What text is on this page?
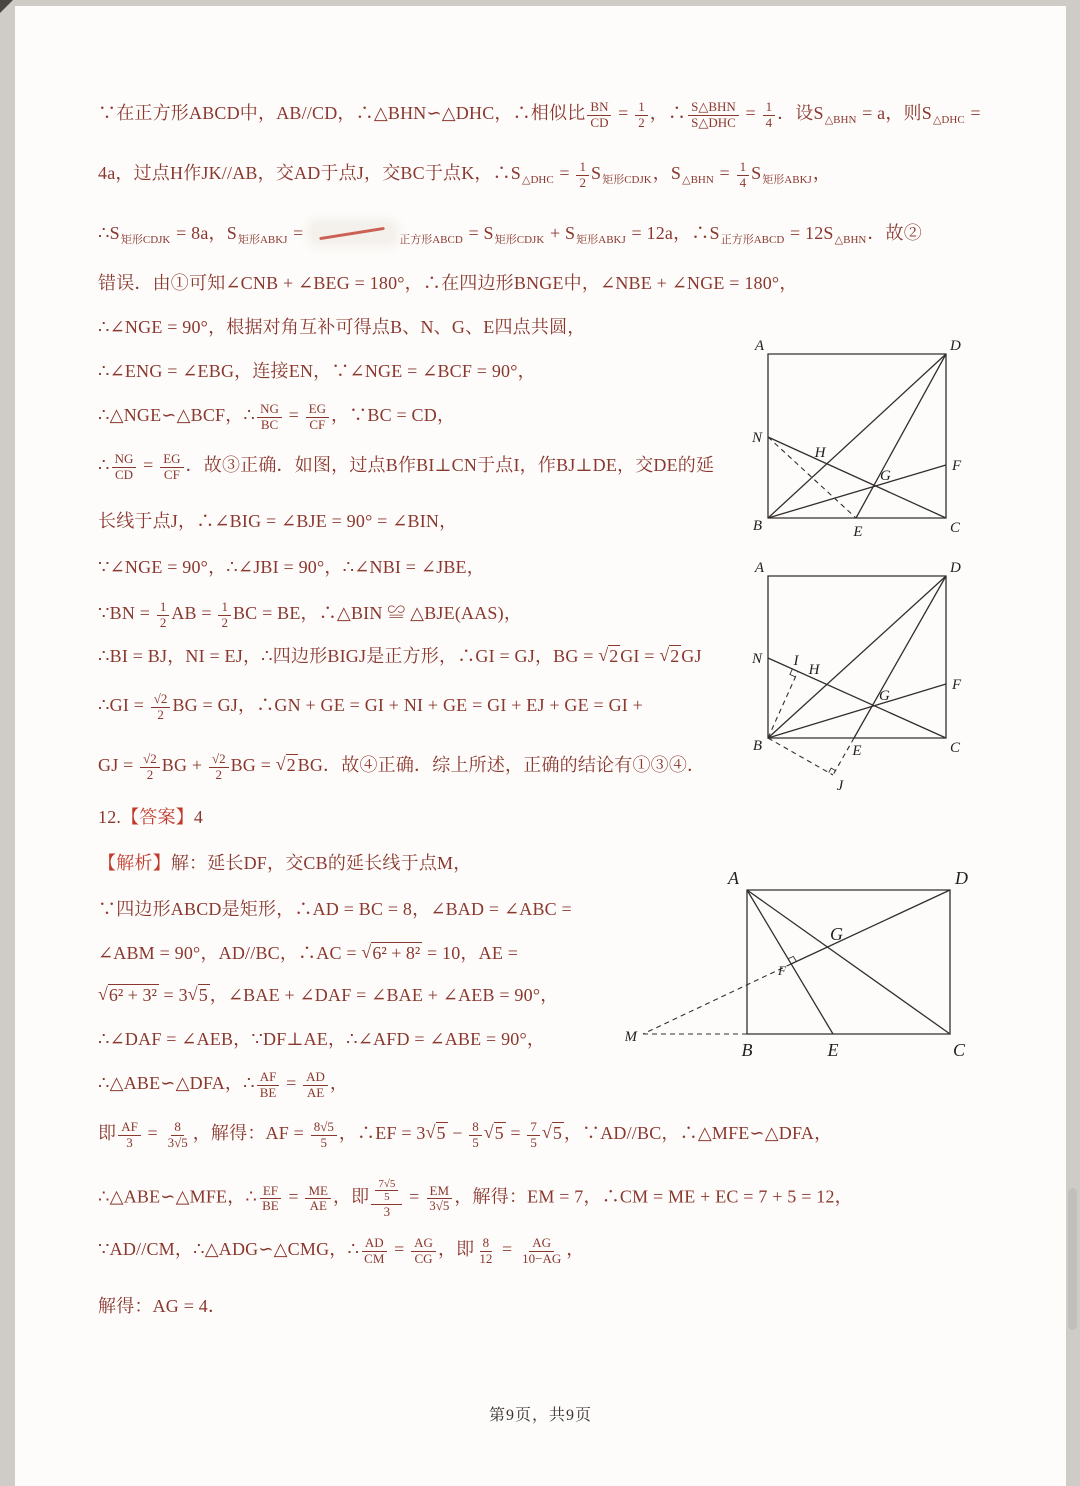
∵在正方形ABCD中，AB//CD，∴△BHN∽△DHC，∴相似比 $\frac{BN}{CD} = \frac{1}{2}$ ，∴ $\frac{\text{S△BHN}}{\text{S△DHC}} = \frac{1}{4}$ ．设$S_{\triangle BHN} = a$，则$S_{\triangle DHC}$ =

4a，过点H作JK//AB，交AD于点J，交BC于点K，$\therefore S_{\triangle DHC} = \frac{1}{2} S_{矩形CDJK}$，$S_{\triangle BHN} = \frac{1}{4} S_{矩形ABKJ}$，

$\therefore S_{矩形CDJK} = 8a$，$S_{矩形ABKJ}$ =	$_{正方形ABCD} = S_{矩形CDJK} + S_{矩形ABKJ} = 12a$，$\therefore S_{正方形ABCD} = 12S_{\triangle BHN}$．故②

错误．由①可知∠CNB + ∠BEG = 180°，∴在四边形BNGE中，∠NBE + ∠NGE = 180°，

∴∠NGE = 90°，根据对角互补可得点B、N、G、E四点共圆，

∴∠ENG = ∠EBG，连接EN，∵∠NGE = ∠BCF = 90°，

∴△NGE∽△BCF，∴ $\frac{NG}{BC} = \frac{EG}{CF}$ ，∵BC = CD，

∴ $\frac{NG}{CD} = \frac{EG}{CF}$ ．故③正确．如图，过点B作BI⊥CN于点I，作BJ⊥DE，交DE的延

长线于点J，∴∠BIG = ∠BJE = 90° = ∠BIN，

∵∠NGE = 90°，∴∠JBI = 90°，∴∠NBI = ∠JBE，

∵BN = $\frac{1}{2}$ AB = $\frac{1}{2}$ BC = BE，∴△BIN ≌ △BJE(AAS)，

∴BI = BJ，NI = EJ，∴四边形BIGJ是正方形，∴GI = GJ，BG = √2 GI = √2 GJ

∴GI = $\frac{√2}{2}$ BG = GJ，∴GN + GE = GI + NI + GE = GI + EJ + GE = GI +

GJ = $\frac{√2}{2}$ BG + $\frac{√2}{2}$ BG = √2 BG．故④正确．综上所述，正确的结论有①③④．

12.【答案】4

【解析】解：延长DF，交CB的延长线于点M，

∵四边形ABCD是矩形，∴AD = BC = 8，∠BAD = ∠ABC =

∠ABM = 90°，AD//BC，∴AC = √6² + 8² = 10，AE =

√6² + 3² = 3√5 ，∠BAE + ∠DAF = ∠BAE + ∠AEB = 90°，

∴∠DAF = ∠AEB，∵DF⊥AE，∴∠AFD = ∠ABE = 90°，

∴△ABE∽△DFA，∴ $\frac{AF}{BE} = \frac{AD}{AE}$ ，

即 $\frac{AF}{3} = \frac{8}{3√5}$ ，解得：AF = $\frac{8√5}{5}$ ，∴EF = $3√5 - \frac{8}{5} √5 = \frac{7}{5} √5$ ，∵AD//BC，∴△MFE∽△DFA，

∴△ABE∽△MFE，∴ $\frac{EF}{BE} = \frac{ME}{AE}$ ，即 $\frac{\frac{7√5}{5}}{3} = \frac{EM}{3√5}$ ，解得：EM = 7，∴CM = ME + EC = 7 + 5 = 12，

∵AD//CM，∴△ADG∽△CMG，∴ $\frac{AD}{CM} = \frac{AG}{CG}$ ，即 $\frac{8}{12} = \frac{AG}{10-AG}$ ，

解得：AG = 4．

A	D
N
H
G
F
B	E	C
A	D
N I
H
G
F
B	E	C
J
A	D
G
F
M
B	E	C
第9页，共9页
